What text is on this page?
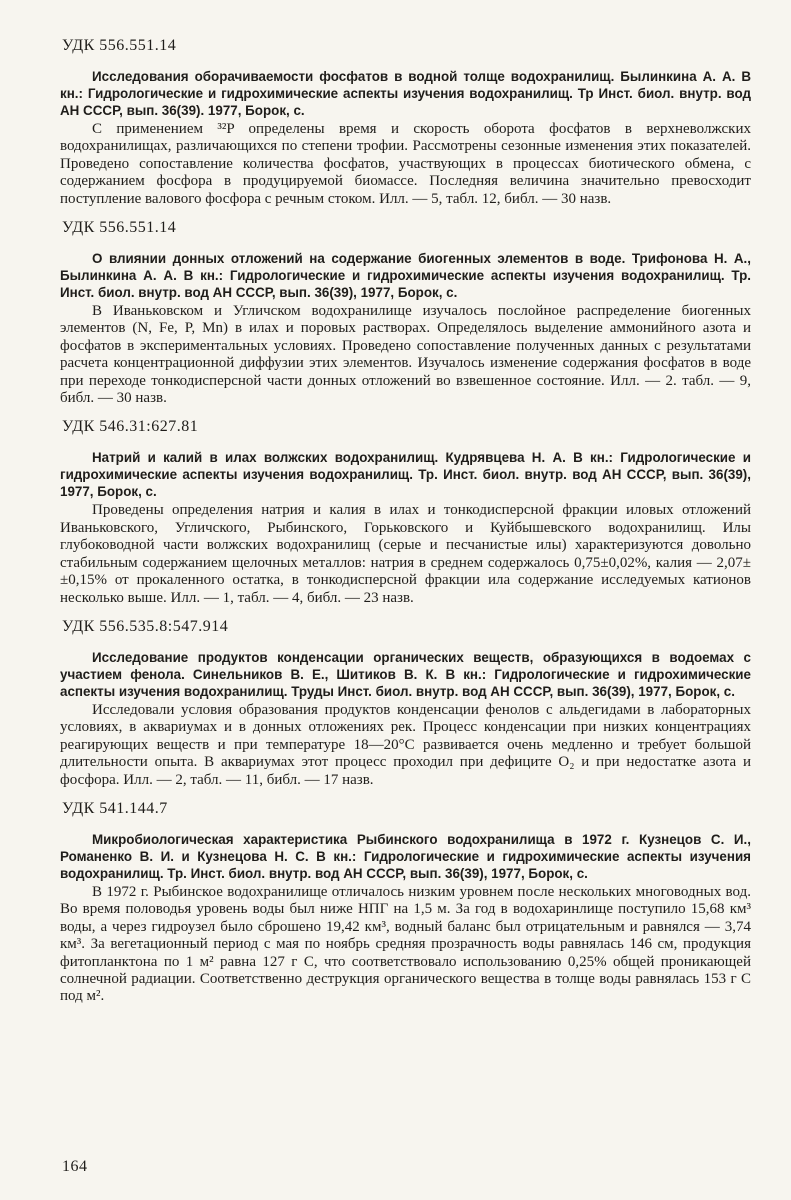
УДК 556.551.14

Исследования оборачиваемости фосфатов в водной толще водохранилищ. Былинкина А. А. В кн.: Гидрологические и гидрохимические аспекты изучения водохранилищ. Тр Инст. биол. внутр. вод АН СССР, вып. 36(39). 1977, Борок, с.

С применением ³²P определены время и скорость оборота фосфатов в верхневолжских водохранилищах, различающихся по степени трофии. Рассмотрены сезонные изменения этих показателей. Проведено сопоставление количества фосфатов, участвующих в процессах биотического обмена, с содержанием фосфора в продуцируемой биомассе. Последняя величина значительно превосходит поступление валового фосфора с речным стоком. Илл. — 5, табл. 12, библ. — 30 назв.

УДК 556.551.14

О влиянии донных отложений на содержание биогенных элементов в воде. Трифонова Н. А., Былинкина А. А. В кн.: Гидрологические и гидрохимические аспекты изучения водохранилищ. Тр. Инст. биол. внутр. вод АН СССР, вып. 36(39), 1977, Борок, с.

В Иваньковском и Угличском водохранилище изучалось послойное распределение биогенных элементов (N, Fe, P, Mn) в илах и поровых растворах. Определялось выделение аммонийного азота и фосфатов в экспериментальных условиях. Проведено сопоставление полученных данных с результатами расчета концентрационной диффузии этих элементов. Изучалось изменение содержания фосфатов в воде при переходе тонкодисперсной части донных отложений во взвешенное состояние. Илл. — 2. табл. — 9, библ. — 30 назв.

УДК 546.31:627.81

Натрий и калий в илах волжских водохранилищ. Кудрявцева Н. А. В кн.: Гидрологические и гидрохимические аспекты изучения водохранилищ. Тр. Инст. биол. внутр. вод АН СССР, вып. 36(39), 1977, Борок, с.

Проведены определения натрия и калия в илах и тонкодисперсной фракции иловых отложений Иваньковского, Угличского, Рыбинского, Горьковского и Куйбышевского водохранилищ. Илы глубоководной части волжских водохранилищ (серые и песчанистые илы) характеризуются довольно стабильным содержанием щелочных металлов: натрия в среднем содержалось 0,75±0,02%, калия — 2,07±±0,15% от прокаленного остатка, в тонкодисперсной фракции ила содержание исследуемых катионов несколько выше. Илл. — 1, табл. — 4, библ. — 23 назв.

УДК 556.535.8:547.914

Исследование продуктов конденсации органических веществ, образующихся в водоемах с участием фенола. Синельников В. Е., Шитиков В. К. В кн.: Гидрологические и гидрохимические аспекты изучения водохранилищ. Труды Инст. биол. внутр. вод АН СССР, вып. 36(39), 1977, Борок, с.

Исследовали условия образования продуктов конденсации фенолов с альдегидами в лабораторных условиях, в аквариумах и в донных отложениях рек. Процесс конденсации при низких концентрациях реагирующих веществ и при температуре 18—20°С развивается очень медленно и требует большой длительности опыта. В аквариумах этот процесс проходил при дефиците O₂ и при недостатке азота и фосфора. Илл. — 2, табл. — 11, библ. — 17 назв.

УДК 541.144.7

Микробиологическая характеристика Рыбинского водохранилища в 1972 г. Кузнецов С. И., Романенко В. И. и Кузнецова Н. С. В кн.: Гидрологические и гидрохимические аспекты изучения водохранилищ. Тр. Инст. биол. внутр. вод АН СССР, вып. 36(39), 1977, Борок, с.

В 1972 г. Рыбинское водохранилище отличалось низким уровнем после нескольких многоводных вод. Во время половодья уровень воды был ниже НПГ на 1,5 м. За год в водохаринлище поступило 15,68 км³ воды, а через гидроузел было сброшено 19,42 км³, водный баланс был отрицательным и равнялся — 3,74 км³. За вегетационный период с мая по ноябрь средняя прозрачность воды равнялась 146 см, продукция фитопланктона по 1 м² равна 127 г С, что соответствовало использованию 0,25% общей проникающей солнечной радиации. Соответственно деструкция органического вещества в толще воды равнялась 153 г С под м².

164
